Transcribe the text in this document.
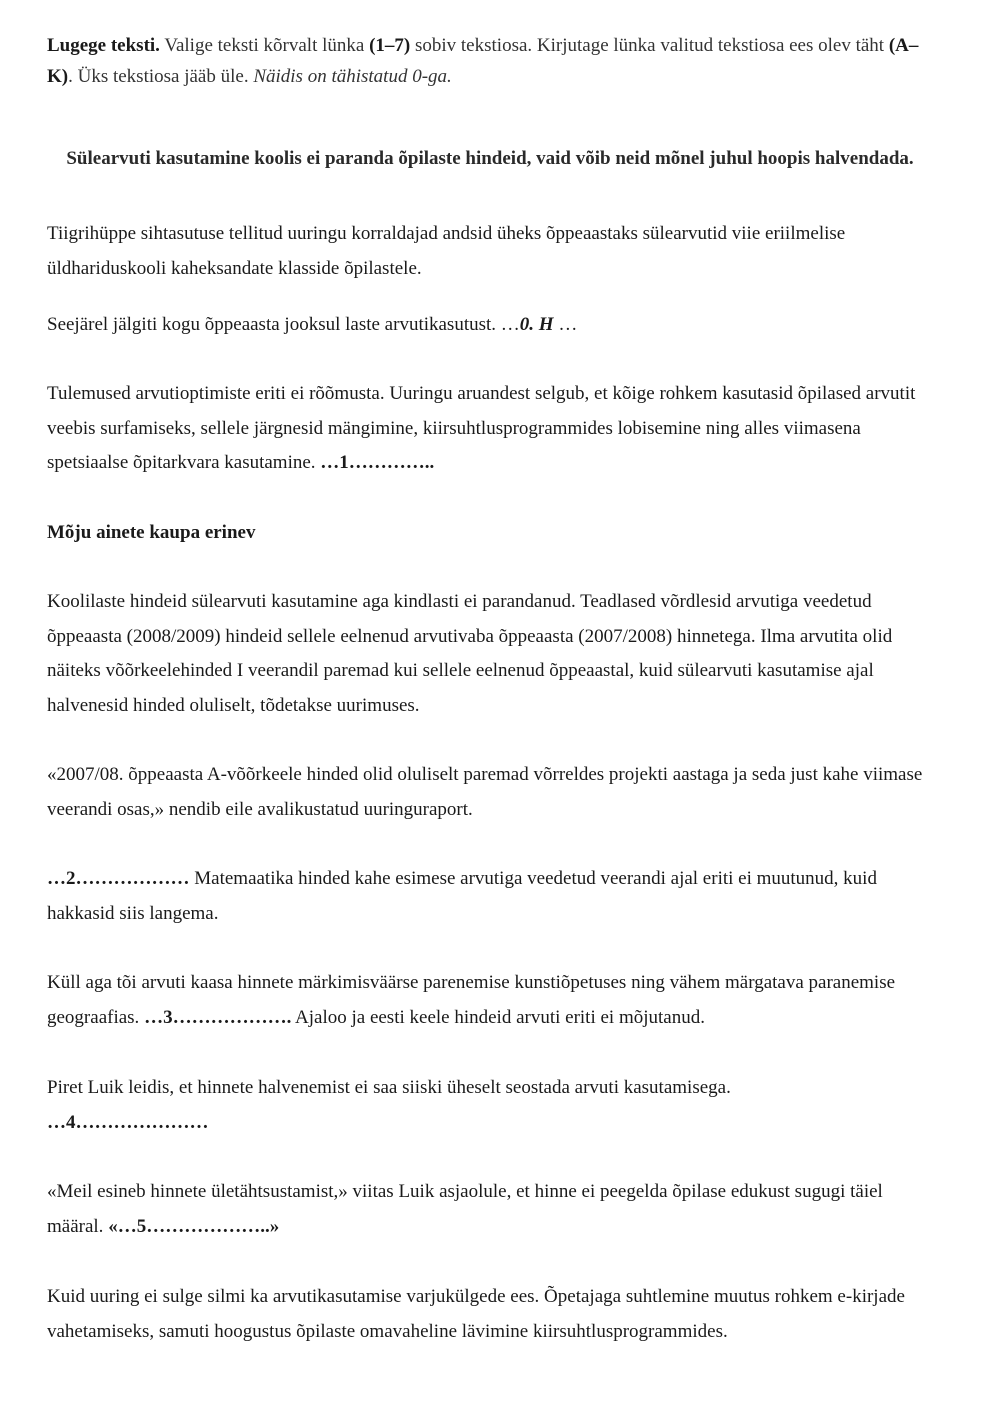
Lugege teksti. Valige teksti kõrvalt lünka (1–7) sobiv tekstiosa. Kirjutage lünka valitud tekstiosa ees olev täht (A–K). Üks tekstiosa jääb üle. Näidis on tähistatud 0-ga.
Sülearvuti kasutamine koolis ei paranda õpilaste hindeid, vaid võib neid mõnel juhul hoopis halvendada.

Tiigrihüppe sihtasutuse tellitud uuringu korraldajad andsid üheks õppeaastaks sülearvutid viie eriilmelise üldhariduskooli kaheksandate klasside õpilastele.

Seejärel jälgiti kogu õppeaasta jooksul laste arvutikasutust. …0. H …

Tulemused arvutioptimiste eriti ei rõõmusta. Uuringu aruandest selgub, et kõige rohkem kasutasid õpilased arvutit veebis surfamiseks, sellele järgnesid mängimine, kiirsuhtlusprogrammides lobisemine ning alles viimasena spetsiaalse õpitarkvara kasutamine. …1…………..

Mõju ainete kaupa erinev

Koolilaste hindeid sülearvuti kasutamine aga kindlasti ei parandanud. Teadlased võrdlesid arvutiga veedetud õppeaasta (2008/2009) hindeid sellele eelnenud arvutivaba õppeaasta (2007/2008) hinnetega. Ilma arvutita olid näiteks võõrkeelehinded I veerandil paremad kui sellele eelnenud õppeaastal, kuid sülearvuti kasutamise ajal halvenesid hinded oluliselt, tõdetakse uurimuses.

«2007/08. õppeaasta A-võõrkeele hinded olid oluliselt paremad võrreldes projekti aastaga ja seda just kahe viimase veerandi osas,» nendib eile avalikustatud uuringuraport.

…2……………… Matemaatika hinded kahe esimese arvutiga veedetud veerandi ajal eriti ei muutunud, kuid hakkasid siis langema.

Küll aga tõi arvuti kaasa hinnete märkimisväärse parenemise kunstiõpetuses ning vähem märgatava paranemise geograafias. …3………………. Ajaloo ja eesti keele hindeid arvuti eriti ei mõjutanud.

Piret Luik leidis, et hinnete halvenemist ei saa siiski üheselt seostada arvuti kasutamisega.
…4…………………

«Meil esineb hinnete ületähtsustamist,» viitas Luik asjaolule, et hinne ei peegelda õpilase edukust sugugi täiel määral. «…5………………..»

Kuid uuring ei sulge silmi ka arvutikasutamise varjukülgede ees. Õpetajaga suhtlemine muutus rohkem e-kirjade vahetamiseks, samuti hoogustus õpilaste omavaheline lävimine kiirsuhtlusprogrammides.
